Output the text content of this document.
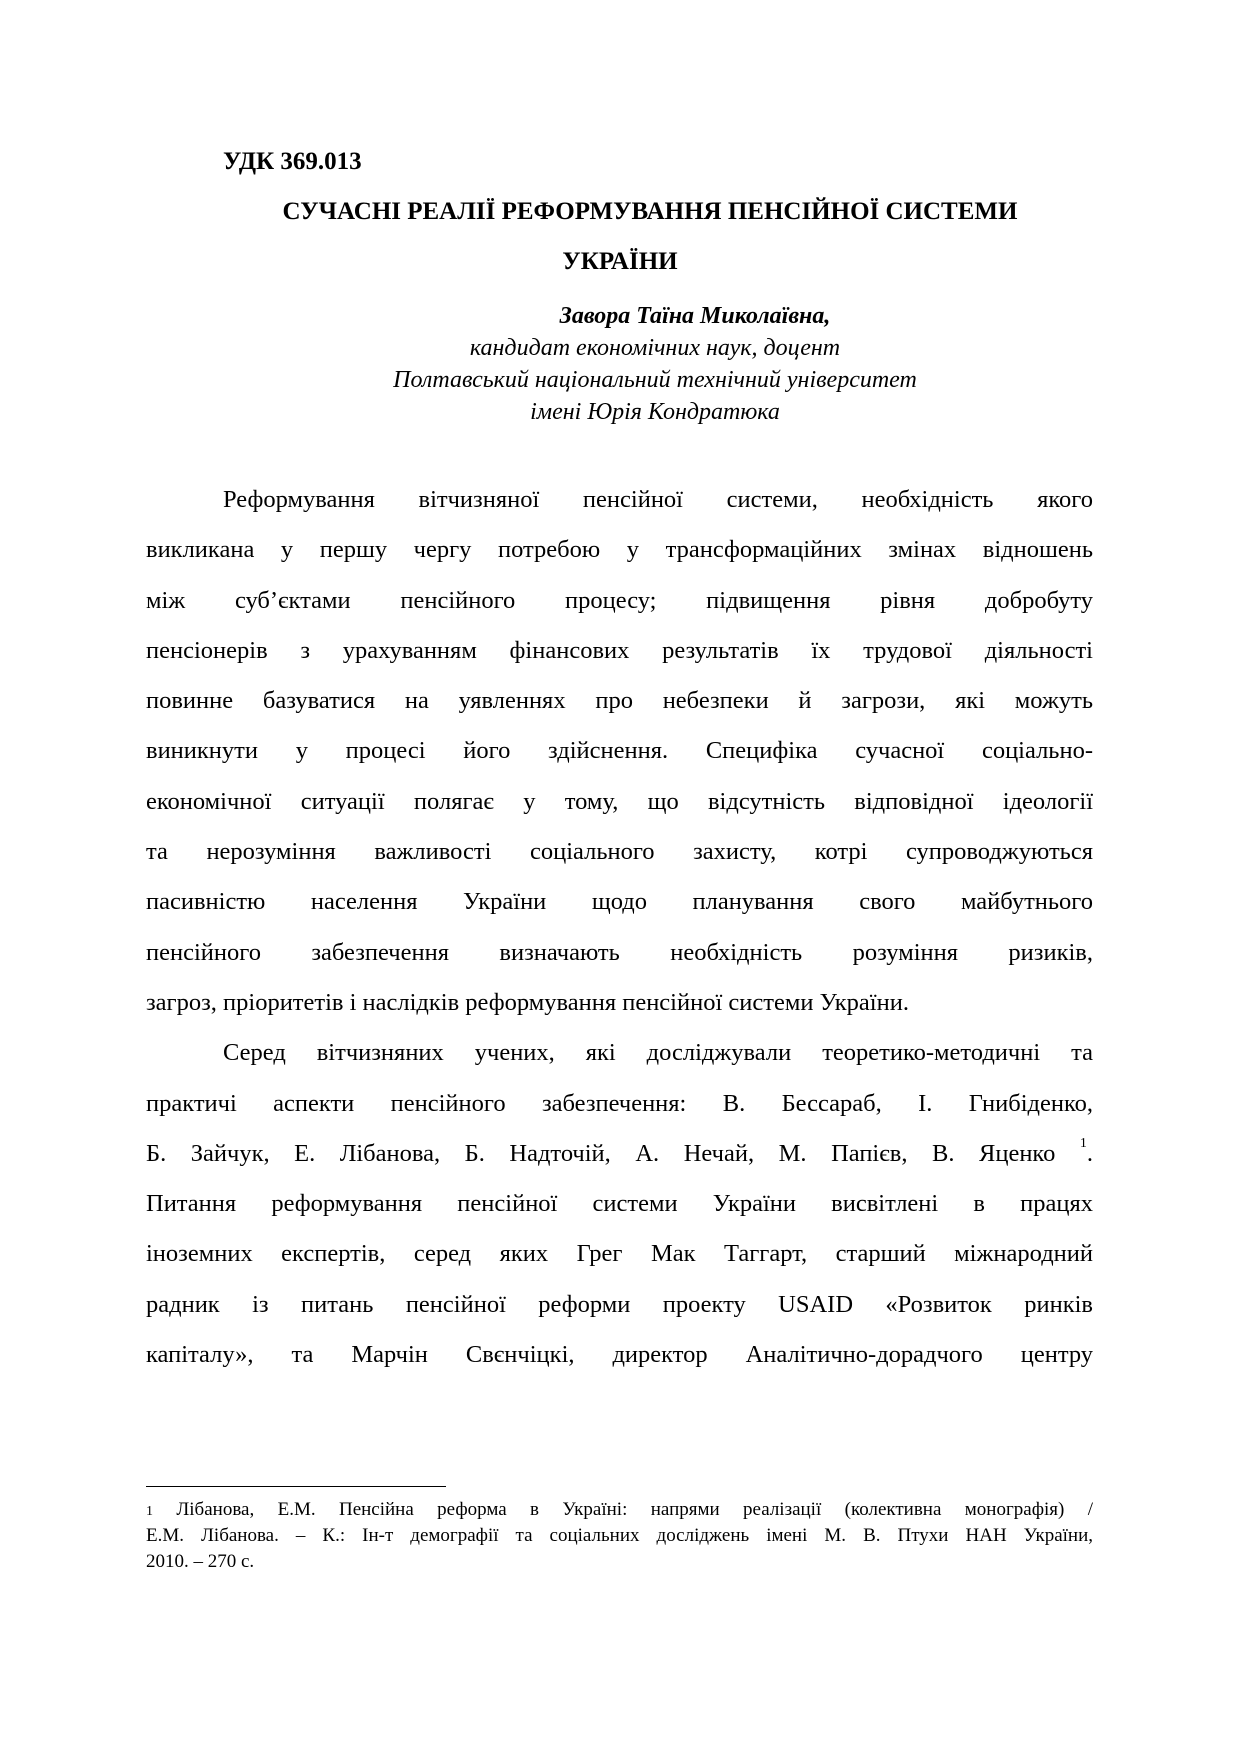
УДК 369.013
СУЧАСНІ РЕАЛІЇ РЕФОРМУВАННЯ ПЕНСІЙНОЇ СИСТЕМИ
УКРАЇНИ
Завора Таїна Миколаївна,
кандидат економічних наук, доцент
Полтавський національний технічний університет
імені Юрія Кондратюка
Реформування вітчизняної пенсійної системи, необхідність якого
викликана у першу чергу потребою у трансформаційних змінах відношень
між суб’єктами пенсійного процесу; підвищення рівня добробуту
пенсіонерів з урахуванням фінансових результатів їх трудової діяльності
повинне базуватися на уявленнях про небезпеки й загрози, які можуть
виникнути у процесі його здійснення. Специфіка сучасної соціально-
економічної ситуації полягає у тому, що відсутність відповідної ідеології
та нерозуміння важливості соціального захисту, котрі супроводжуються
пасивністю населення України щодо планування свого майбутнього
пенсійного забезпечення визначають необхідність розуміння ризиків,
загроз, пріоритетів і наслідків реформування пенсійної системи України.
Серед вітчизняних учених, які досліджували теоретико-методичні та
практичі аспекти пенсійного забезпечення: В. Бессараб, І. Гнибіденко,
Б. Зайчук, Е. Лібанова, Б. Надточій, А. Нечай, М. Папієв, В. Яценко $^1$.
Питання реформування пенсійної системи України висвітлені в працях
іноземних експертів, серед яких Грег Мак Таггарт, старший міжнародний
радник із питань пенсійної реформи проекту USAID «Розвиток ринків
капіталу», та Марчін Свєнчіцкі, директор Аналітично-дорадчого центру
$^1$ Лібанова, Е.М. Пенсійна реформа в Україні: напрями реалізації (колективна монографія) /
Е.М. Лібанова. – К.: Ін-т демографії та соціальних досліджень імені М. В. Птухи НАН України,
2010. – 270 с.
